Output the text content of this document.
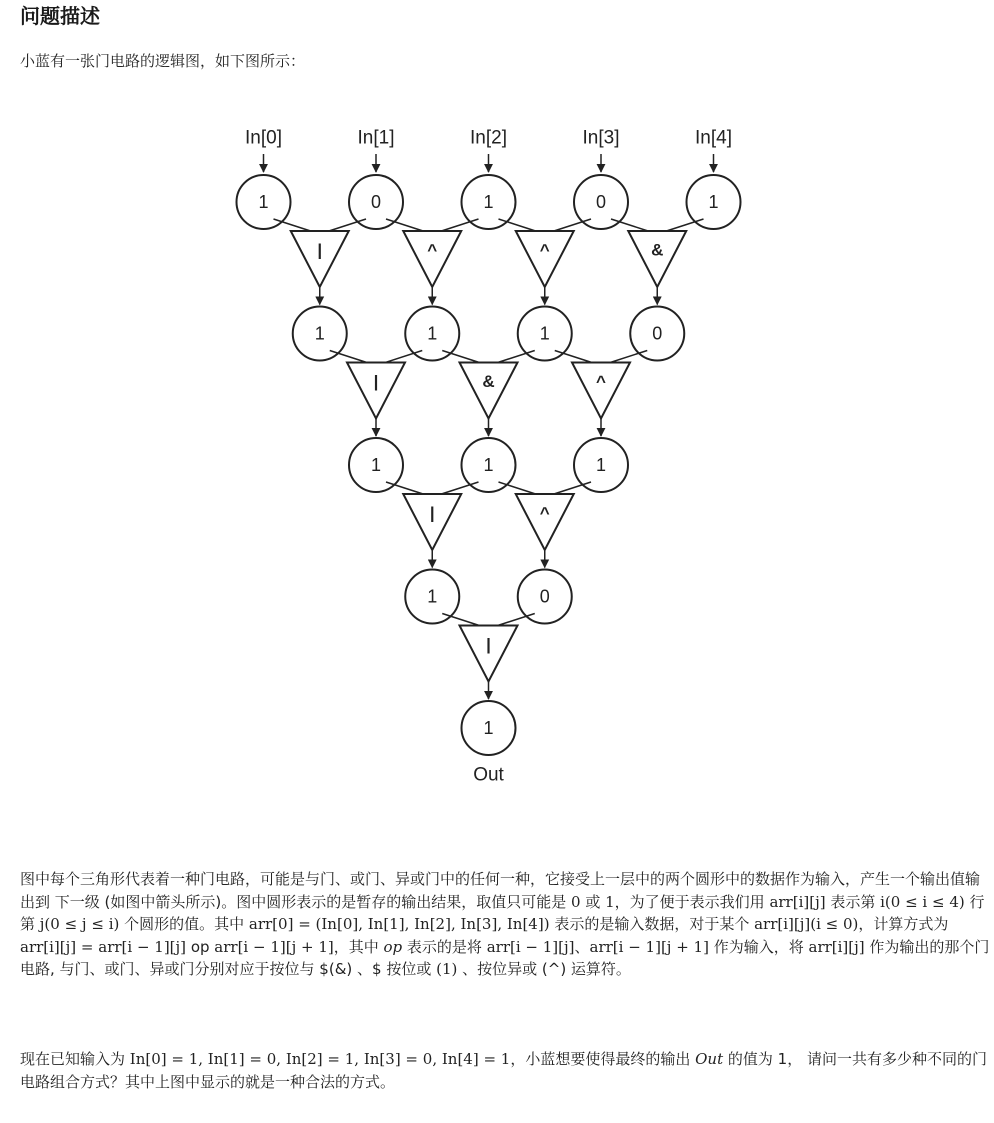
问题描述
小蓝有一张门电路的逻辑图，如下图所示：
In[0]	In[1]	In[2]	In[3]	In[4]
1	0	1	0	1
1	1	1	0
1	1	1
1	0
1
|	^	^	&
|	&	^
|	^
|
Out
图中每个三角形代表着一种门电路，可能是与门、或门、异或门中的任何一种，它接受上一层中的两个圆形中的数据作为输入，产生一个输出值输出到 下一级 (如图中箭头所示)。图中圆形表示的是暂存的输出结果，取值只可能是 0 或 1，为了便于表示我们用 arr[i][j] 表示第 i(0 ≤ i ≤ 4) 行第 j(0 ≤ j ≤ i) 个圆形的值。其中 arr[0] = (In[0], In[1], In[2], In[3], In[4]) 表示的是输入数据，对于某个 arr[i][j](i ≤ 0)，计算方式为 arr[i][j] = arr[i − 1][j] op arr[i − 1][j + 1]，其中 op 表示的是将 arr[i − 1][j]、arr[i − 1][j + 1] 作为输入，将 arr[i][j] 作为输出的那个门电路, 与门、或门、异或门分别对应于按位与 $(&) 、$ 按位或 (1) 、按位异或 (^) 运算符。
现在已知输入为 In[0] = 1, In[1] = 0, In[2] = 1, In[3] = 0, In[4] = 1，小蓝想要使得最终的输出 Out 的值为 1， 请问一共有多少种不同的门电路组合方式？其中上图中显示的就是一种合法的方式。
